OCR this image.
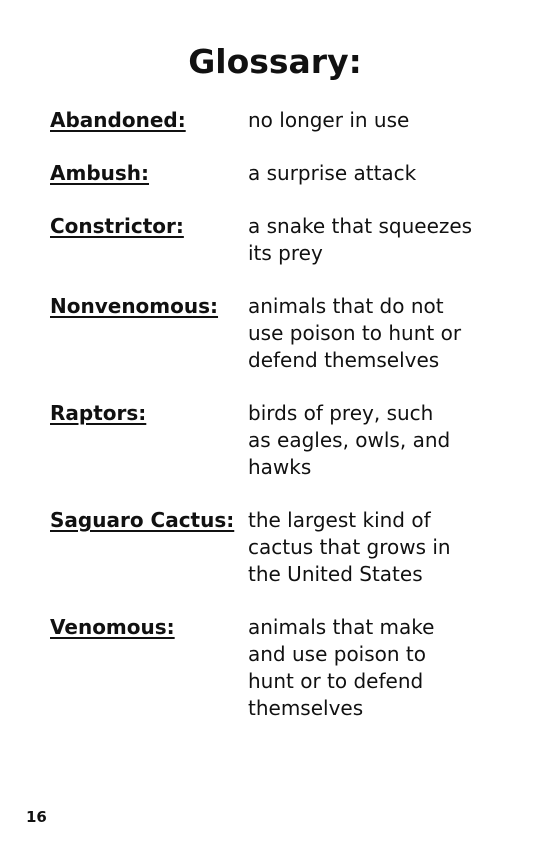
Glossary:
Abandoned:	no longer in use
Ambush:	a surprise attack
Constrictor:	a snake that squeezes
its prey
Nonvenomous:	animals that do not
use poison to hunt or
defend themselves
Raptors:	birds of prey, such
as eagles, owls, and
hawks
Saguaro Cactus: the largest kind of
cactus that grows in
the United States
Venomous:	animals that make
and use poison to
hunt or to defend
themselves
16
